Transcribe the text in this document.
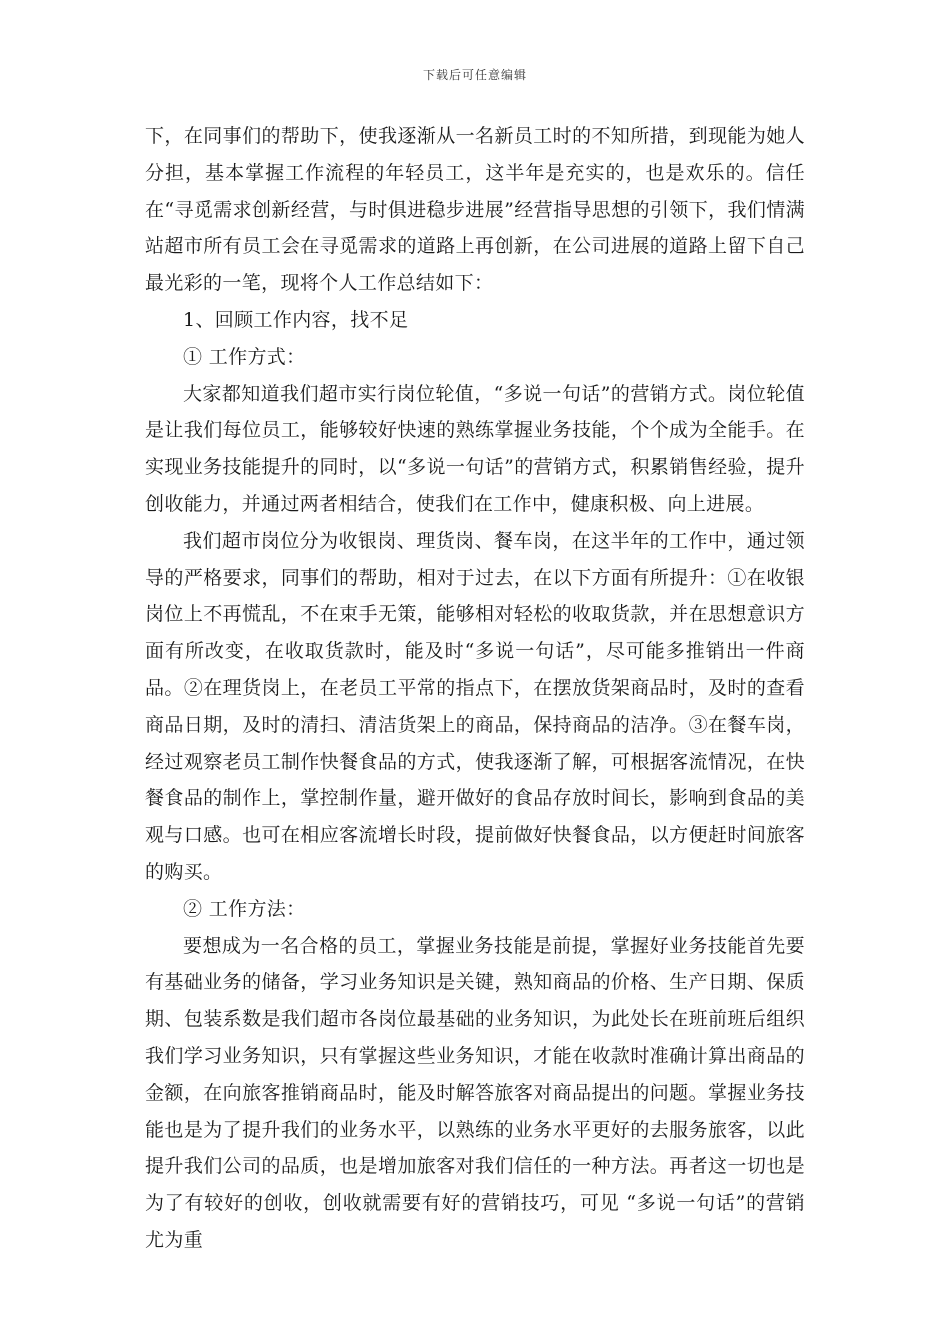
下载后可任意编辑

下，在同事们的帮助下，使我逐渐从一名新员工时的不知所措，到现能为她人分担，基本掌握工作流程的年轻员工，这半年是充实的，也是欢乐的。信任在“寻觅需求创新经营，与时俱进稳步进展”经营指导思想的引领下，我们情满站超市所有员工会在寻觅需求的道路上再创新，在公司进展的道路上留下自己最光彩的一笔，现将个人工作总结如下：

1、回顾工作内容，找不足

① 工作方式：

大家都知道我们超市实行岗位轮值，“多说一句话”的营销方式。岗位轮值是让我们每位员工，能够较好快速的熟练掌握业务技能，个个成为全能手。在实现业务技能提升的同时，以“多说一句话”的营销方式，积累销售经验，提升创收能力，并通过两者相结合，使我们在工作中，健康积极、向上进展。

我们超市岗位分为收银岗、理货岗、餐车岗，在这半年的工作中，通过领导的严格要求，同事们的帮助，相对于过去，在以下方面有所提升：①在收银岗位上不再慌乱，不在束手无策，能够相对轻松的收取货款，并在思想意识方面有所改变，在收取货款时，能及时“多说一句话”，尽可能多推销出一件商品。②在理货岗上，在老员工平常的指点下，在摆放货架商品时，及时的查看商品日期，及时的清扫、清洁货架上的商品，保持商品的洁净。③在餐车岗，经过观察老员工制作快餐食品的方式，使我逐渐了解，可根据客流情况，在快餐食品的制作上，掌控制作量，避开做好的食品存放时间长，影响到食品的美观与口感。也可在相应客流增长时段，提前做好快餐食品，以方便赶时间旅客的购买。

② 工作方法：

要想成为一名合格的员工，掌握业务技能是前提，掌握好业务技能首先要有基础业务的储备，学习业务知识是关键，熟知商品的价格、生产日期、保质期、包装系数是我们超市各岗位最基础的业务知识，为此处长在班前班后组织我们学习业务知识，只有掌握这些业务知识，才能在收款时准确计算出商品的金额，在向旅客推销商品时，能及时解答旅客对商品提出的问题。掌握业务技能也是为了提升我们的业务水平，以熟练的业务水平更好的去服务旅客，以此提升我们公司的品质，也是增加旅客对我们信任的一种方法。再者这一切也是为了有较好的创收，创收就需要有好的营销技巧，可见 “多说一句话”的营销尤为重
